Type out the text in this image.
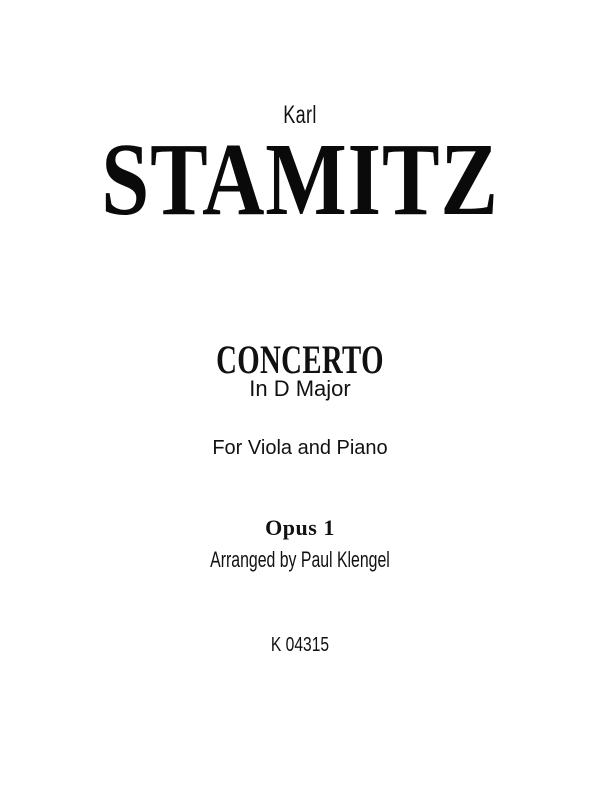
Karl
STAMITZ
CONCERTO
In D Major
For Viola and Piano
Opus 1
Arranged by Paul Klengel
K 04315
